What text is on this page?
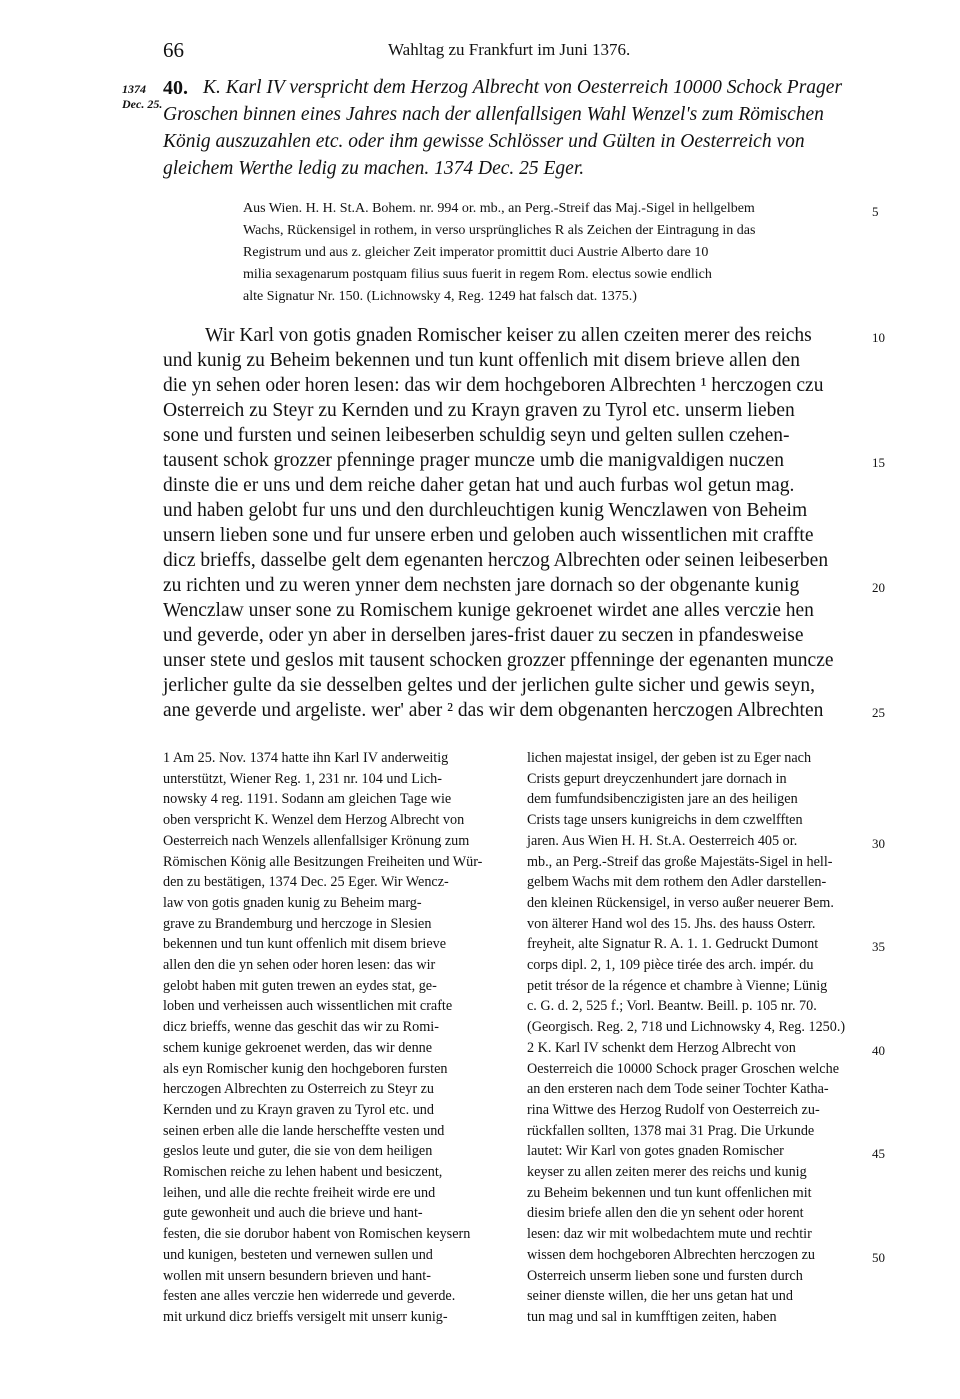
66	Wahltag zu Frankfurt im Juni 1376.
1374
Dec. 25.
40. K. Karl IV verspricht dem Herzog Albrecht von Oesterreich 10000 Schock Prager
Groschen binnen eines Jahres nach der allenfallsigen Wahl Wenzel's zum Römischen
König auszuzahlen etc. oder ihm gewisse Schlösser und Gülten in Oesterreich von
gleichem Werthe ledig zu machen. 1374 Dec. 25 Eger.
Aus Wien. H. H. St.A. Bohem. nr. 994 or. mb., an Perg.-Streif das Maj.-Sigel in hellgelbem
Wachs, Rückensigel in rothem, in verso ursprüngliches R als Zeichen der Eintragung in das
Registrum und aus z. gleicher Zeit imperator promittit duci Austrie Alberto dare 10
milia sexagenarum postquam filius suus fuerit in regem Rom. electus sowie endlich
alte Signatur Nr. 150. (Lichnowsky 4, Reg. 1249 hat falsch dat. 1375.)
5
Wir Karl von gotis gnaden Romischer keiser zu allen czeiten merer des reichs
und kunig zu Beheim bekennen und tun kunt offenlich mit disem brieve allen den
die yn sehen oder horen lesen: das wir dem hochgeboren Albrechten ¹ herczogen czu
Osterreich zu Steyr zu Kernden und zu Krayn graven zu Tyrol etc. unserm lieben
sone und fursten und seinen leibeserben schuldig seyn und gelten sullen czehen-
tausent schok grozzer pfenninge prager muncze umb die manigvaldigen nuczen
dinste die er uns und dem reiche daher getan hat und auch furbas wol getun mag.
und haben gelobt fur uns und den durchleuchtigen kunig Wenczlawen von Beheim
unsern lieben sone und fur unsere erben und geloben auch wissentlichen mit craffte
dicz brieffs, dasselbe gelt dem egenanten herczog Albrechten oder seinen leibeserben
zu richten und zu weren ynner dem nechsten jare dornach so der obgenante kunig
Wenczlaw unser sone zu Romischem kunige gekroenet wirdet ane alles verczie hen
und geverde, oder yn aber in derselben jares-frist dauer zu seczen in pfandesweise
unser stete und geslos mit tausent schocken grozzer pffenninge der egenanten muncze
jerlicher gulte da sie desselben geltes und der jerlichen gulte sicher und gewis seyn,
ane geverde und argeliste. wer' aber ² das wir dem obgenanten herczogen Albrechten
10
15
20
25
1 Am 25. Nov. 1374 hatte ihn Karl IV anderweitig
unterstützt, Wiener Reg. 1, 231 nr. 104 und Lich-
nowsky 4 reg. 1191. Sodann am gleichen Tage wie
oben verspricht K. Wenzel dem Herzog Albrecht von
Oesterreich nach Wenzels allenfallsiger Krönung zum
Römischen König alle Besitzungen Freiheiten und Wür-
den zu bestätigen, 1374 Dec. 25 Eger. Wir Wencz-
law von gotis gnaden kunig zu Beheim marg-
grave zu Brandemburg und herczoge in Slesien
bekennen und tun kunt offenlich mit disem brieve
allen den die yn sehen oder horen lesen: das wir
gelobt haben mit guten trewen an eydes stat, ge-
loben und verheissen auch wissentlichen mit crafte
dicz brieffs, wenne das geschit das wir zu Romi-
schem kunige gekroenet werden, das wir denne
als eyn Romischer kunig den hochgeboren fursten
herczogen Albrechten zu Osterreich zu Steyr zu
Kernden und zu Krayn graven zu Tyrol etc. und
seinen erben alle die lande herscheffte vesten und
geslos leute und guter, die sie von dem heiligen
Romischen reiche zu lehen habent und besiczent,
leihen, und alle die rechte freiheit wirde ere und
gute gewonheit und auch die brieve und hant-
festen, die sie dorubor habent von Romischen keysern
und kunigen, besteten und vernewen sullen und
wollen mit unsern besundern brieven und hant-
festen ane alles verczie hen widerrede und geverde.
mit urkund dicz brieffs versigelt mit unserr kunig-
lichen majestat insigel, der geben ist zu Eger nach
Crists gepurt dreyczenhundert jare dornach in
dem fumfundsibenczigisten jare an des heiligen
Crists tage unsers kunigreichs in dem czwelfften
jaren. Aus Wien H. H. St.A. Oesterreich 405 or.
mb., an Perg.-Streif das große Majestäts-Sigel in hell-
gelbem Wachs mit dem rothem den Adler darstellen-
den kleinen Rückensigel, in verso außer neuerer Bem.
von älterer Hand wol des 15. Jhs. des hauss Osterr.
freyheit, alte Signatur R. A. 1. 1. Gedruckt Dumont
corps dipl. 2, 1, 109 pièce tirée des arch. impér. du
petit trésor de la régence et chambre à Vienne; Lünig
c. G. d. 2, 525 f.; Vorl. Beantw. Beill. p. 105 nr. 70.
(Georgisch. Reg. 2, 718 und Lichnowsky 4, Reg. 1250.)
2 K. Karl IV schenkt dem Herzog Albrecht von
Oesterreich die 10000 Schock prager Groschen welche
an den ersteren nach dem Tode seiner Tochter Katha-
rina Wittwe des Herzog Rudolf von Oesterreich zu-
rückfallen sollten, 1378 mai 31 Prag. Die Urkunde
lautet: Wir Karl von gotes gnaden Romischer
keyser zu allen zeiten merer des reichs und kunig
zu Beheim bekennen und tun kunt offenlichen mit
diesim briefe allen den die yn sehent oder horent
lesen: daz wir mit wolbedachtem mute und rechtir
wissen dem hochgeboren Albrechten herczogen zu
Osterreich unserm lieben sone und fursten durch
seiner dienste willen, die her uns getan hat und
tun mag und sal in kumfftigen zeiten, haben
30
35
40
45
50
